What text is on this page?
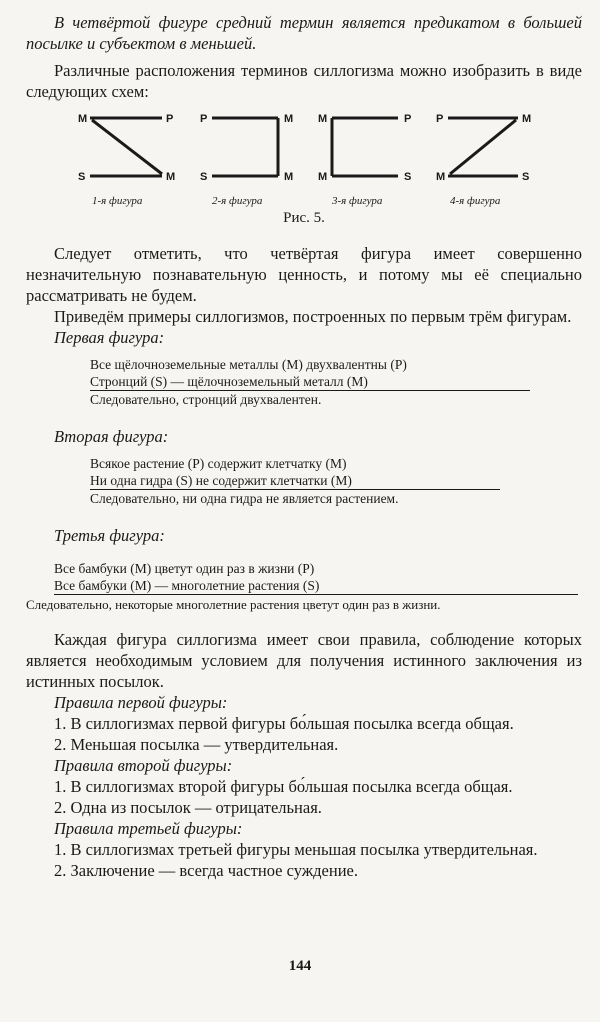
В четвёртой фигуре средний термин является предикатом в большей посылке и субъектом в меньшей.

Различные расположения терминов силлогизма можно изобразить в виде следующих схем:

M	P
S	M
1-я фигура
P	M
S	M
2-я фигура
M	P
M	S
3-я фигура
P	M
M	S
4-я фигура
Рис. 5.

Следует отметить, что четвёртая фигура имеет совершенно незначительную познавательную ценность, и потому мы её специально рассматривать не будем.

Приведём примеры силлогизмов, построенных по первым трём фигурам.

Первая фигура:

Все щёлочноземельные металлы (M) двухвалентны (P)
Стронций (S) — щёлочноземельный металл (M)
Следовательно, стронций двухвалентен.

Вторая фигура:

Всякое растение (P) содержит клетчатку (M)
Ни одна гидра (S) не содержит клетчатки (M)
Следовательно, ни одна гидра не является растением.

Третья фигура:

Все бамбуки (M) цветут один раз в жизни (P)
Все бамбуки (M) — многолетние растения (S)

Следовательно, некоторые многолетние растения цветут один раз в жизни.

Каждая фигура силлогизма имеет свои правила, соблюдение которых является необходимым условием для получения истинного заключения из истинных посылок.

Правила первой фигуры:

1. В силлогизмах первой фигуры бо́льшая посылка всегда общая.

2. Меньшая посылка — утвердительная.

Правила второй фигуры:

1. В силлогизмах второй фигуры бо́льшая посылка всегда общая.

2. Одна из посылок — отрицательная.

Правила третьей фигуры:

1. В силлогизмах третьей фигуры меньшая посылка утвердительная.

2. Заключение — всегда частное суждение.

144
